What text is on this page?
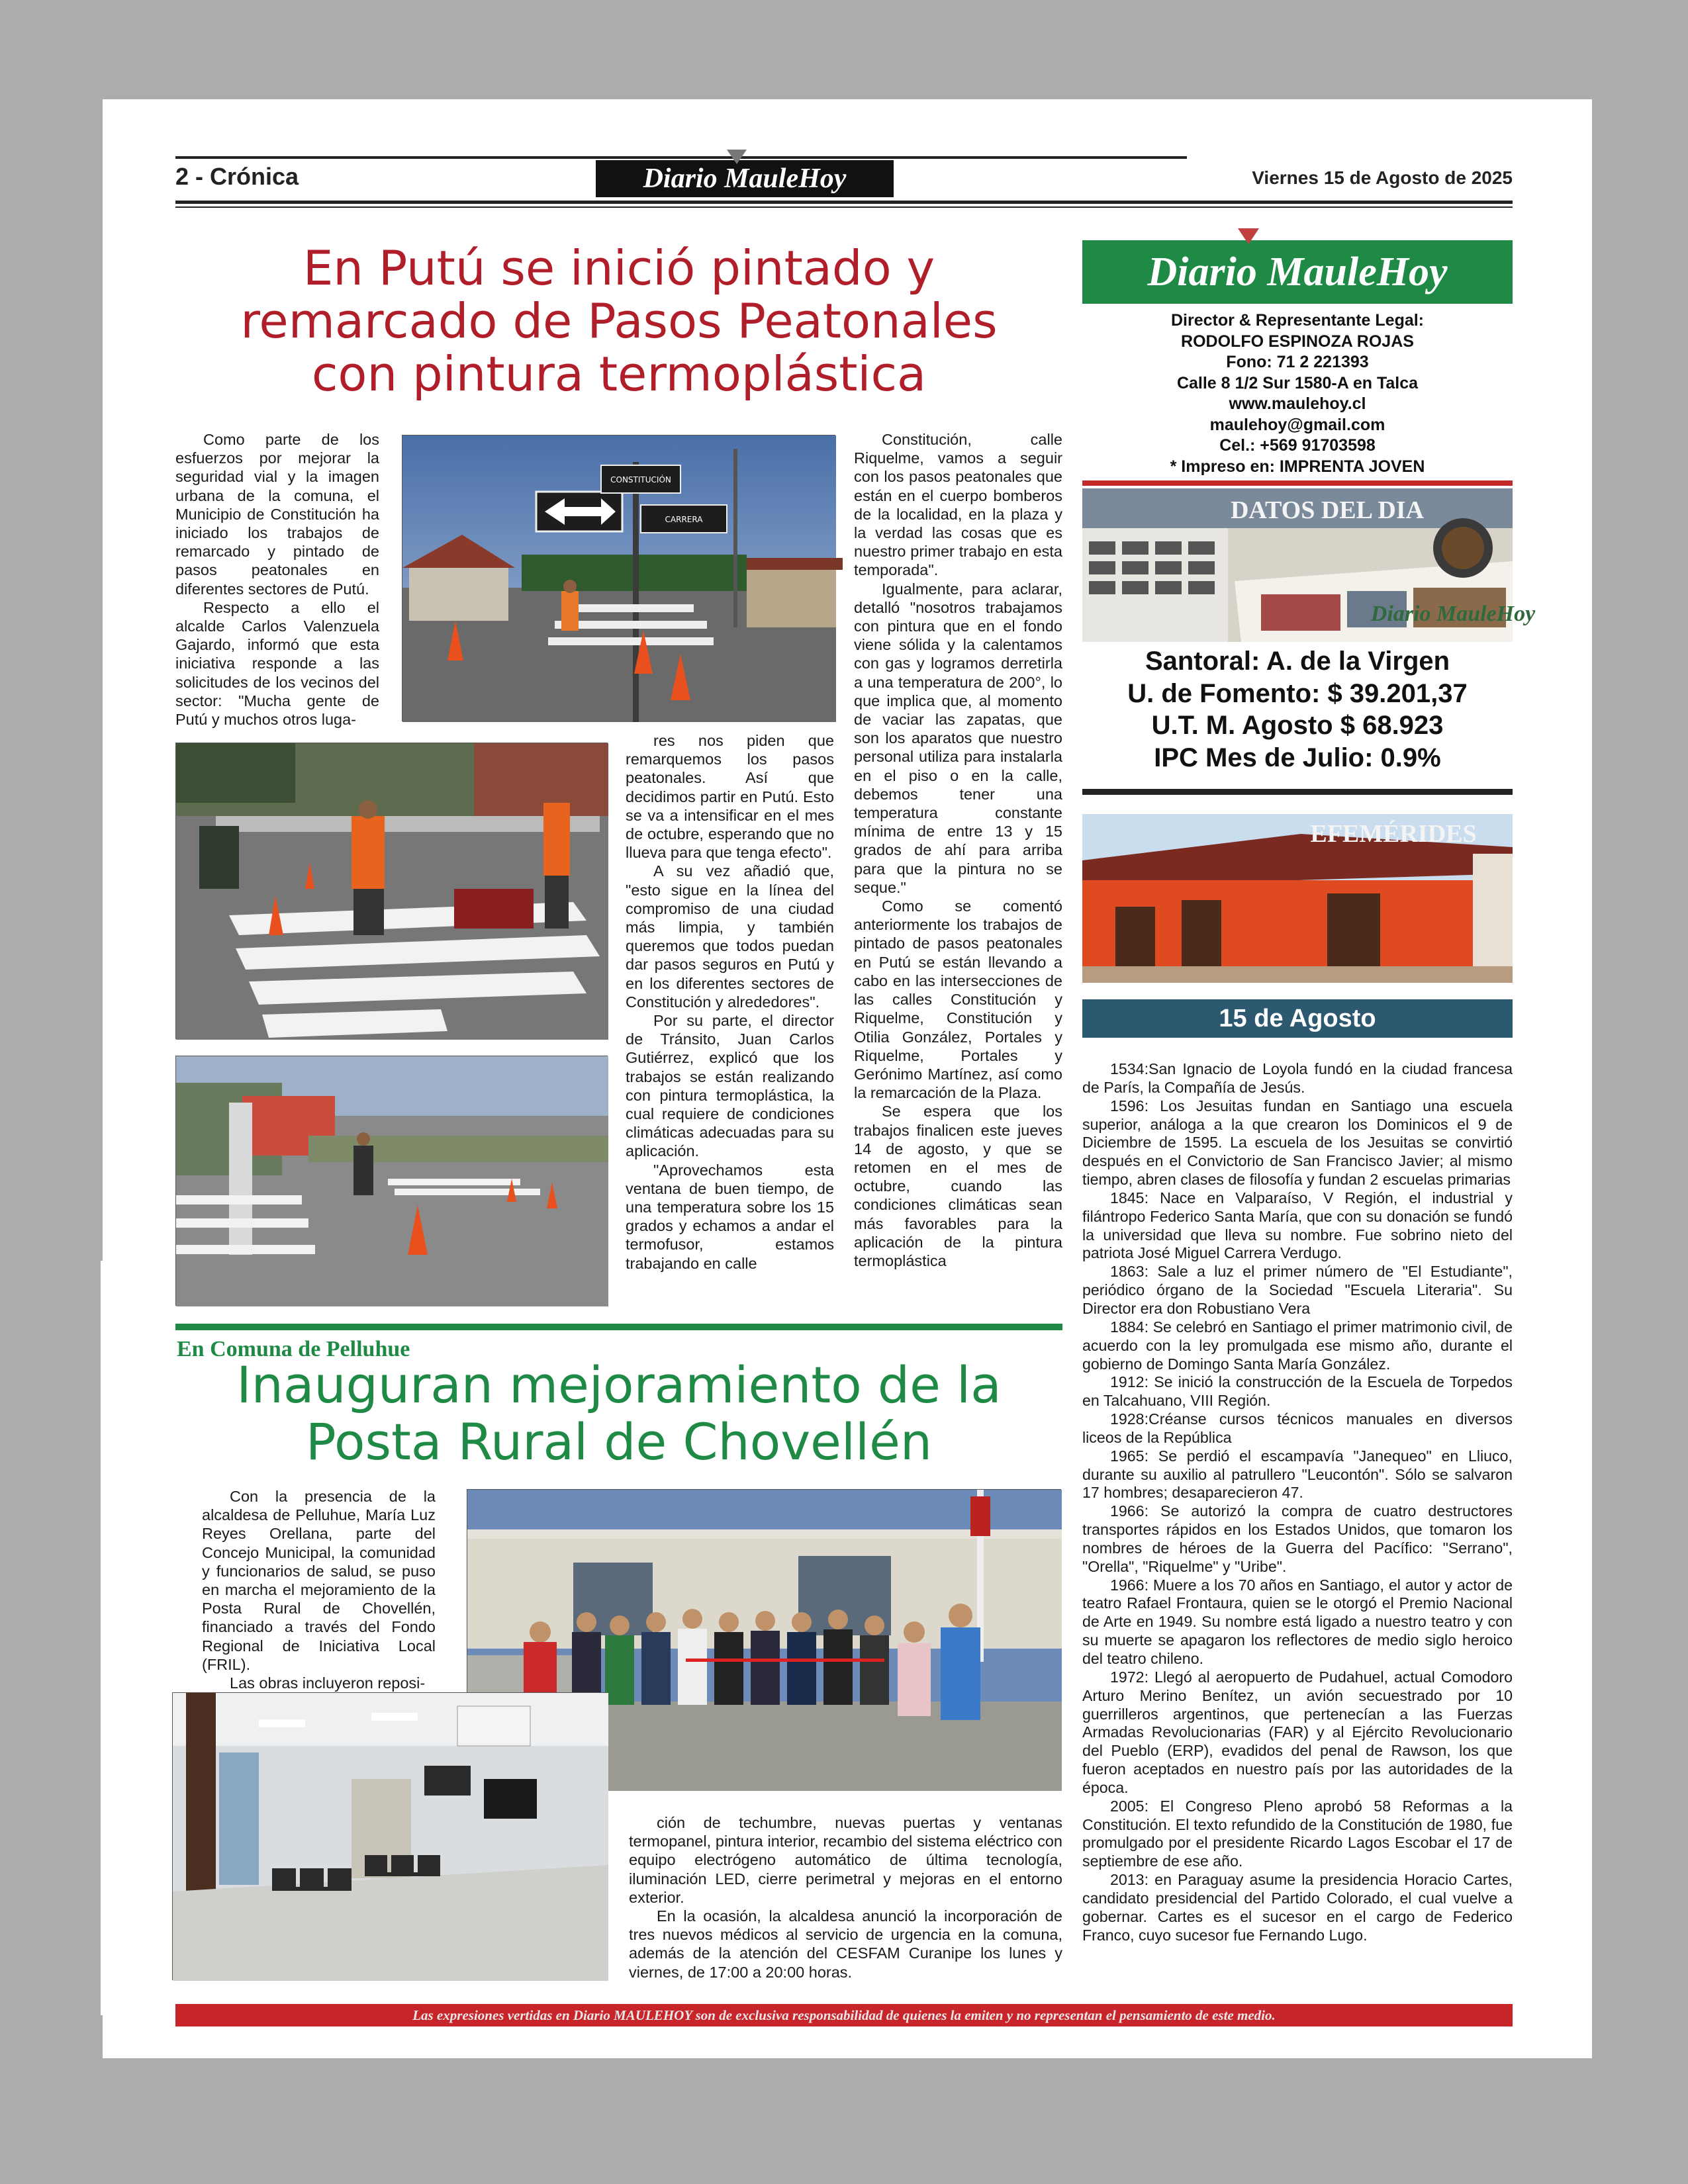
2 - Crónica	Diario MauleHoy	Viernes 15 de Agosto de 2025
En Putú se inició pintado y
remarcado de Pasos Peatonales
con pintura termoplástica

Como parte de los esfuerzos por mejorar la seguridad vial y la imagen urbana de la comuna, el Municipio de Constitución ha iniciado los trabajos de remarcado y pintado de pasos peatonales en diferentes sectores de Putú.

Respecto a ello el alcalde Carlos Valenzuela Gajardo, informó que esta iniciativa responde a las solicitudes de los vecinos del sector: "Mucha gente de Putú y muchos otros luga-

res nos piden que remarquemos los pasos peatonales. Así que decidimos partir en Putú. Esto se va a intensificar en el mes de octubre, esperando que no llueva para que tenga efecto".

A su vez añadió que, "esto sigue en la línea del compromiso de una ciudad más limpia, y también queremos que todos puedan dar pasos seguros en Putú y en los diferentes sectores de Constitución y alrededores".

Por su parte, el director de Tránsito, Juan Carlos Gutiérrez, explicó que los trabajos se están realizando con pintura termoplástica, la cual requiere de condiciones climáticas adecuadas para su aplicación.

"Aprovechamos esta ventana de buen tiempo, de una temperatura sobre los 15 grados y echamos a andar el termofusor, estamos trabajando en calle

Constitución, calle Riquelme, vamos a seguir con los pasos peatonales que están en el cuerpo bomberos de la localidad, en la plaza y la verdad las cosas que es nuestro primer trabajo en esta temporada".

Igualmente, para aclarar, detalló "nosotros trabajamos con pintura que en el fondo viene sólida y la calentamos con gas y logramos derretirla a una temperatura de 200°, lo que implica que, al momento de vaciar las zapatas, que son los aparatos que nuestro personal utiliza para instalarla en el piso o en la calle, debemos tener una temperatura constante mínima de entre 13 y 15 grados de ahí para arriba para que la pintura no se seque."

Como se comentó anteriormente los trabajos de pintado de pasos peatonales en Putú se están llevando a cabo en las intersecciones de las calles Constitución y Riquelme, Constitución y Otilia González, Portales y Riquelme, Portales y Gerónimo Martínez, así como la remarcación de la Plaza.

Se espera que los trabajos finalicen este jueves 14 de agosto, y que se retomen en el mes de octubre, cuando las condiciones climáticas sean más favorables para la aplicación de la pintura termoplástica

CONSTITUCIÓN
CARRERA
Diario MauleHoy
Director & Representante Legal:
RODOLFO ESPINOZA ROJAS
Fono: 71 2 221393
Calle 8 1/2 Sur 1580-A en Talca
www.maulehoy.cl
maulehoy@gmail.com
Cel.: +569 91703598
* Impreso en: IMPRENTA JOVEN
DATOS DEL DIA
Diario MauleHoy
Santoral: A. de la Virgen
U. de Fomento: $ 39.201,37
U.T. M. Agosto $ 68.923
IPC Mes de Julio: 0.9%
EFEMÉRIDES
15 de Agosto

1534:San Ignacio de Loyola fundó en la ciudad francesa de París, la Compañía de Jesús.

1596: Los Jesuitas fundan en Santiago una escuela superior, análoga a la que crearon los Dominicos el 9 de Diciembre de 1595. La escuela de los Jesuitas se convirtió después en el Convictorio de San Francisco Javier; al mismo tiempo, abren clases de filosofía y fundan 2 escuelas primarias

1845: Nace en Valparaíso, V Región, el industrial y filántropo Federico Santa María, que con su donación se fundó la universidad que lleva su nombre. Fue sobrino nieto del patriota José Miguel Carrera Verdugo.

1863: Sale a luz el primer número de "El Estudiante", periódico órgano de la Sociedad "Escuela Literaria". Su Director era don Robustiano Vera

1884: Se celebró en Santiago el primer matrimonio civil, de acuerdo con la ley promulgada ese mismo año, durante el gobierno de Domingo Santa María González.

1912: Se inició la construcción de la Escuela de Torpedos en Talcahuano, VIII Región.

1928:Créanse cursos técnicos manuales en diversos liceos de la República

1965: Se perdió el escampavía "Janequeo" en Lliuco, durante su auxilio al patrullero "Leucontón". Sólo se salvaron 17 hombres; desaparecieron 47.

1966: Se autorizó la compra de cuatro destructores transportes rápidos en los Estados Unidos, que tomaron los nombres de héroes de la Guerra del Pacífico: "Serrano", "Orella", "Riquelme" y "Uribe".

1966: Muere a los 70 años en Santiago, el autor y actor de teatro Rafael Frontaura, quien se le otorgó el Premio Nacional de Arte en 1949. Su nombre está ligado a nuestro teatro y con su muerte se apagaron los reflectores de medio siglo heroico del teatro chileno.

1972: Llegó al aeropuerto de Pudahuel, actual Comodoro Arturo Merino Benítez, un avión secuestrado por 10 guerrilleros argentinos, que pertenecían a las Fuerzas Armadas Revolucionarias (FAR) y al Ejército Revolucionario del Pueblo (ERP), evadidos del penal de Rawson, los que fueron aceptados en nuestro país por las autoridades de la época.

2005: El Congreso Pleno aprobó 58 Reformas a la Constitución. El texto refundido de la Constitución de 1980, fue promulgado por el presidente Ricardo Lagos Escobar el 17 de septiembre de ese año.

2013: en Paraguay asume la presidencia Horacio Cartes, candidato presidencial del Partido Colorado, el cual vuelve a gobernar. Cartes es el sucesor en el cargo de Federico Franco, cuyo sucesor fue Fernando Lugo.

En Comuna de Pelluhue
Inauguran mejoramiento de la
Posta Rural de Chovellén

Con la presencia de la alcaldesa de Pelluhue, María Luz Reyes Orellana, parte del Concejo Municipal, la comunidad y funcionarios de salud, se puso en marcha el mejoramiento de la Posta Rural de Chovellén, financiado a través del Fondo Regional de Iniciativa Local (FRIL).

Las obras incluyeron reposi-

ción de techumbre, nuevas puertas y ventanas termopanel, pintura interior, recambio del sistema eléctrico con equipo electrógeno automático de última tecnología, iluminación LED, cierre perimetral y mejoras en el entorno exterior.

En la ocasión, la alcaldesa anunció la incorporación de tres nuevos médicos al servicio de urgencia en la comuna, además de la atención del CESFAM Curanipe los lunes y viernes, de 17:00 a 20:00 horas.

Las expresiones vertidas en Diario MAULEHOY son de exclusiva responsabilidad de quienes la emiten y no representan el pensamiento de este medio.
